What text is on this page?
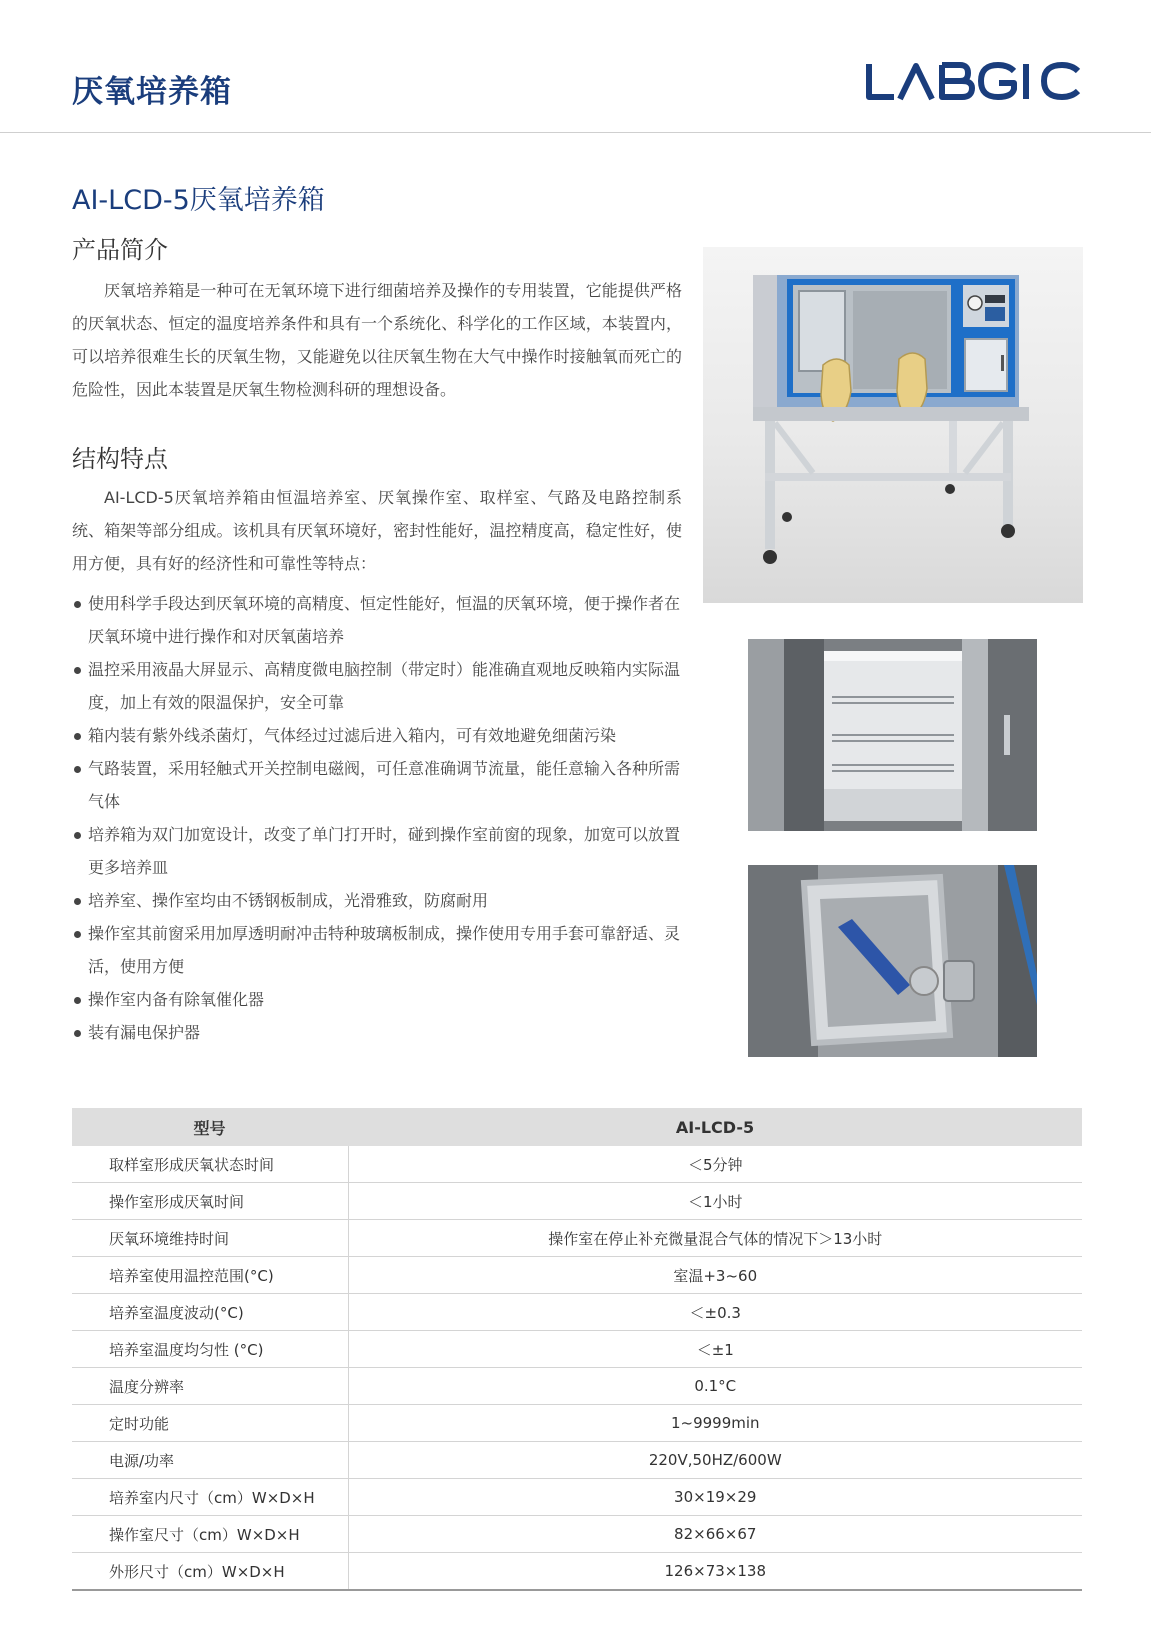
厌氧培养箱
AI-LCD-5厌氧培养箱
产品简介

厌氧培养箱是一种可在无氧环境下进行细菌培养及操作的专用装置，它能提供严格的厌氧状态、恒定的温度培养条件和具有一个系统化、科学化的工作区域，本装置内，可以培养很难生长的厌氧生物，又能避免以往厌氧生物在大气中操作时接触氧而死亡的危险性，因此本装置是厌氧生物检测科研的理想设备。

结构特点

AI-LCD-5厌氧培养箱由恒温培养室、厌氧操作室、取样室、气路及电路控制系统、箱架等部分组成。该机具有厌氧环境好，密封性能好，温控精度高，稳定性好，使用方便，具有好的经济性和可靠性等特点：

使用科学手段达到厌氧环境的高精度、恒定性能好，恒温的厌氧环境，便于操作者在厌氧环境中进行操作和对厌氧菌培养
温控采用液晶大屏显示、高精度微电脑控制（带定时）能准确直观地反映箱内实际温度，加上有效的限温保护，安全可靠
箱内装有紫外线杀菌灯，气体经过过滤后进入箱内，可有效地避免细菌污染
气路装置，采用轻触式开关控制电磁阀，可任意准确调节流量，能任意输入各种所需气体
培养箱为双门加宽设计，改变了单门打开时，碰到操作室前窗的现象，加宽可以放置更多培养皿
培养室、操作室均由不锈钢板制成，光滑雅致，防腐耐用
操作室其前窗采用加厚透明耐冲击特种玻璃板制成，操作使用专用手套可靠舒适、灵活，使用方便
操作室内备有除氧催化器
装有漏电保护器
型号	AI-LCD-5
取样室形成厌氧状态时间	＜5分钟
操作室形成厌氧时间	＜1小时
厌氧环境维持时间	操作室在停止补充微量混合气体的情况下＞13小时
培养室使用温控范围(°C)	室温+3~60
培养室温度波动(°C)	＜±0.3
培养室温度均匀性 (°C)	＜±1
温度分辨率	0.1°C
定时功能	1~9999min
电源/功率	220V,50HZ/600W
培养室内尺寸（cm）W×D×H	30×19×29
操作室尺寸（cm）W×D×H	82×66×67
外形尺寸（cm）W×D×H	126×73×138
